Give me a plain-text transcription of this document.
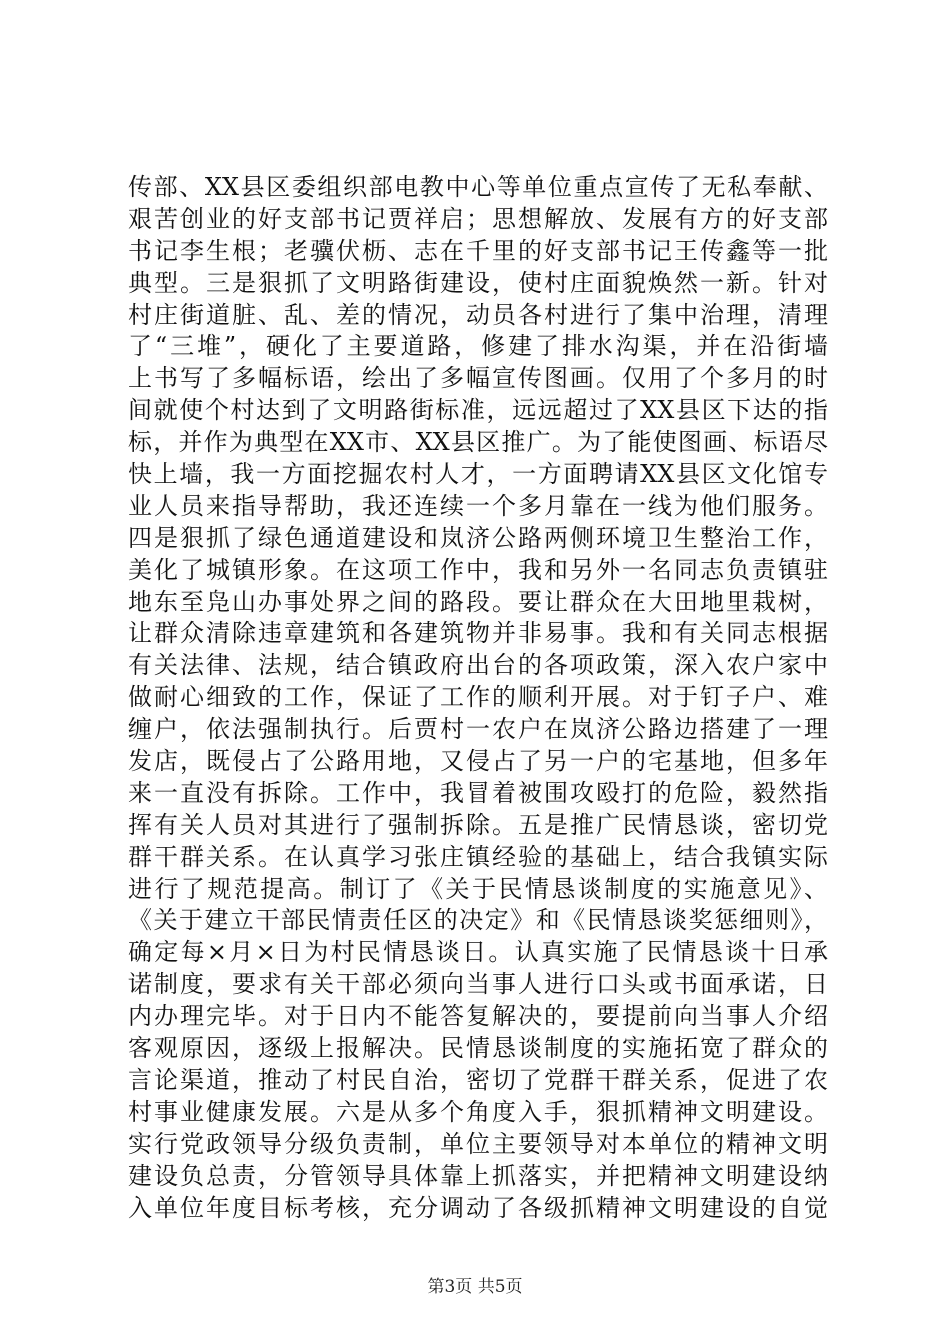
传部、XX县区委组织部电教中心等单位重点宣传了无私奉献、
艰苦创业的好支部书记贾祥启；思想解放、发展有方的好支部
书记李生根；老骥伏枥、志在千里的好支部书记王传鑫等一批
典型。三是狠抓了文明路街建设，使村庄面貌焕然一新。针对
村庄街道脏、乱、差的情况，动员各村进行了集中治理，清理
了“三堆”，硬化了主要道路，修建了排水沟渠，并在沿街墙
上书写了多幅标语，绘出了多幅宣传图画。仅用了个多月的时
间就使个村达到了文明路街标准，远远超过了XX县区下达的指
标，并作为典型在XX市、XX县区推广。为了能使图画、标语尽
快上墙，我一方面挖掘农村人才，一方面聘请XX县区文化馆专
业人员来指导帮助，我还连续一个多月靠在一线为他们服务。
四是狠抓了绿色通道建设和岚济公路两侧环境卫生整治工作，
美化了城镇形象。在这项工作中，我和另外一名同志负责镇驻
地东至凫山办事处界之间的路段。要让群众在大田地里栽树，
让群众清除违章建筑和各建筑物并非易事。我和有关同志根据
有关法律、法规，结合镇政府出台的各项政策，深入农户家中
做耐心细致的工作，保证了工作的顺利开展。对于钉子户、难
缠户，依法强制执行。后贾村一农户在岚济公路边搭建了一理
发店，既侵占了公路用地，又侵占了另一户的宅基地，但多年
来一直没有拆除。工作中，我冒着被围攻殴打的危险，毅然指
挥有关人员对其进行了强制拆除。五是推广民情恳谈，密切党
群干群关系。在认真学习张庄镇经验的基础上，结合我镇实际
进行了规范提高。制订了《关于民情恳谈制度的实施意见》、
《关于建立干部民情责任区的决定》和《民情恳谈奖惩细则》，
确定每×月×日为村民情恳谈日。认真实施了民情恳谈十日承
诺制度，要求有关干部必须向当事人进行口头或书面承诺，日
内办理完毕。对于日内不能答复解决的，要提前向当事人介绍
客观原因，逐级上报解决。民情恳谈制度的实施拓宽了群众的
言论渠道，推动了村民自治，密切了党群干群关系，促进了农
村事业健康发展。六是从多个角度入手，狠抓精神文明建设。
实行党政领导分级负责制，单位主要领导对本单位的精神文明
建设负总责，分管领导具体靠上抓落实，并把精神文明建设纳
入单位年度目标考核，充分调动了各级抓精神文明建设的自觉
第3页 共5页
